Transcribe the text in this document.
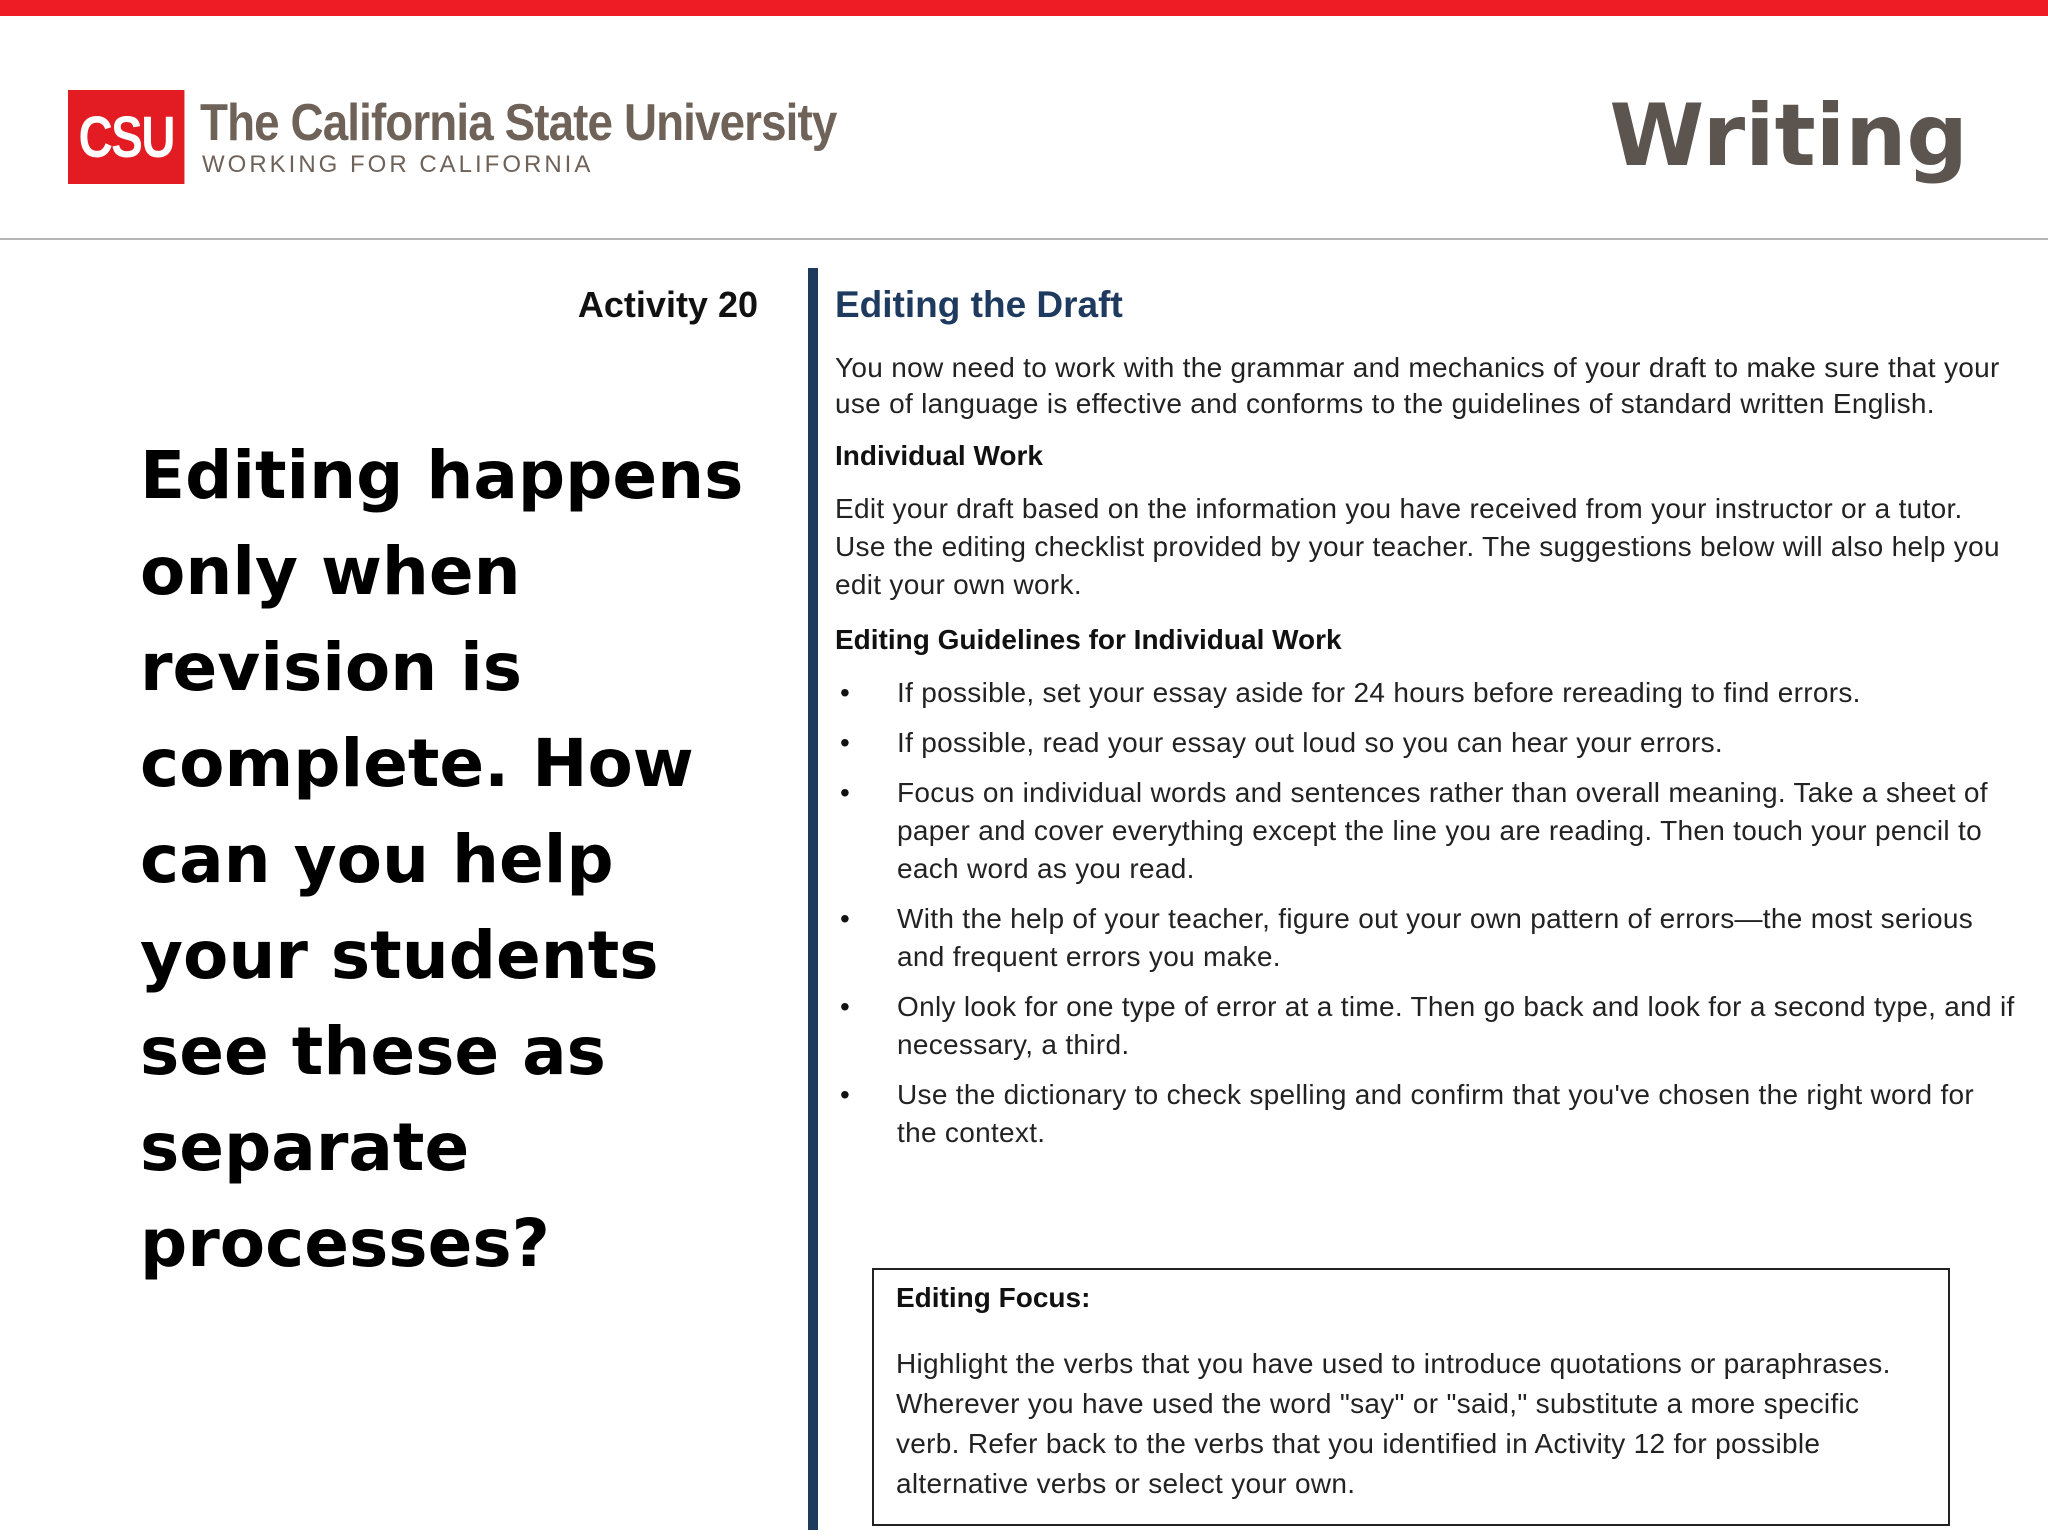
CSU The California State University
WORKING FOR CALIFORNIA	Writing
Activity 20
Editing happens only when revision is complete. How can you help your students see these as separate processes?
Editing the Draft

You now need to work with the grammar and mechanics of your draft to make sure that your use of language is effective and conforms to the guidelines of standard written English.

Individual Work

Edit your draft based on the information you have received from your instructor or a tutor. Use the editing checklist provided by your teacher. The suggestions below will also help you edit your own work.

Editing Guidelines for Individual Work
• If possible, set your essay aside for 24 hours before rereading to find errors.
• If possible, read your essay out loud so you can hear your errors.
• Focus on individual words and sentences rather than overall meaning. Take a sheet of paper and cover everything except the line you are reading. Then touch your pencil to each word as you read.
• With the help of your teacher, figure out your own pattern of errors—the most serious and frequent errors you make.
• Only look for one type of error at a time. Then go back and look for a second type, and if necessary, a third.
• Use the dictionary to check spelling and confirm that you've chosen the right word for the context.
Editing Focus:

Highlight the verbs that you have used to introduce quotations or paraphrases. Wherever you have used the word "say" or "said," substitute a more specific verb. Refer back to the verbs that you identified in Activity 12 for possible alternative verbs or select your own.
